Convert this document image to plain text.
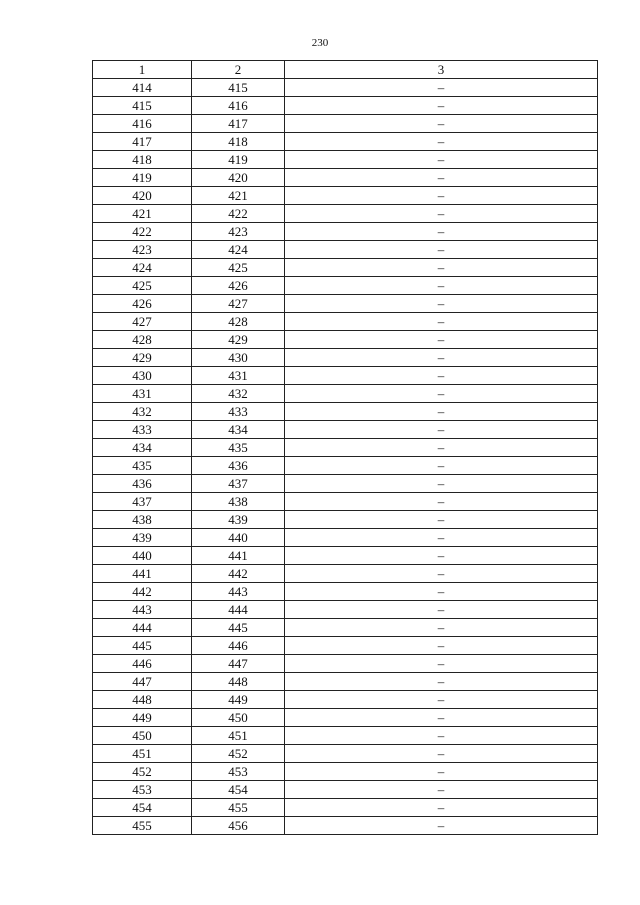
230
1	2	3
414	415	–
415	416	–
416	417	–
417	418	–
418	419	–
419	420	–
420	421	–
421	422	–
422	423	–
423	424	–
424	425	–
425	426	–
426	427	–
427	428	–
428	429	–
429	430	–
430	431	–
431	432	–
432	433	–
433	434	–
434	435	–
435	436	–
436	437	–
437	438	–
438	439	–
439	440	–
440	441	–
441	442	–
442	443	–
443	444	–
444	445	–
445	446	–
446	447	–
447	448	–
448	449	–
449	450	–
450	451	–
451	452	–
452	453	–
453	454	–
454	455	–
455	456	–
